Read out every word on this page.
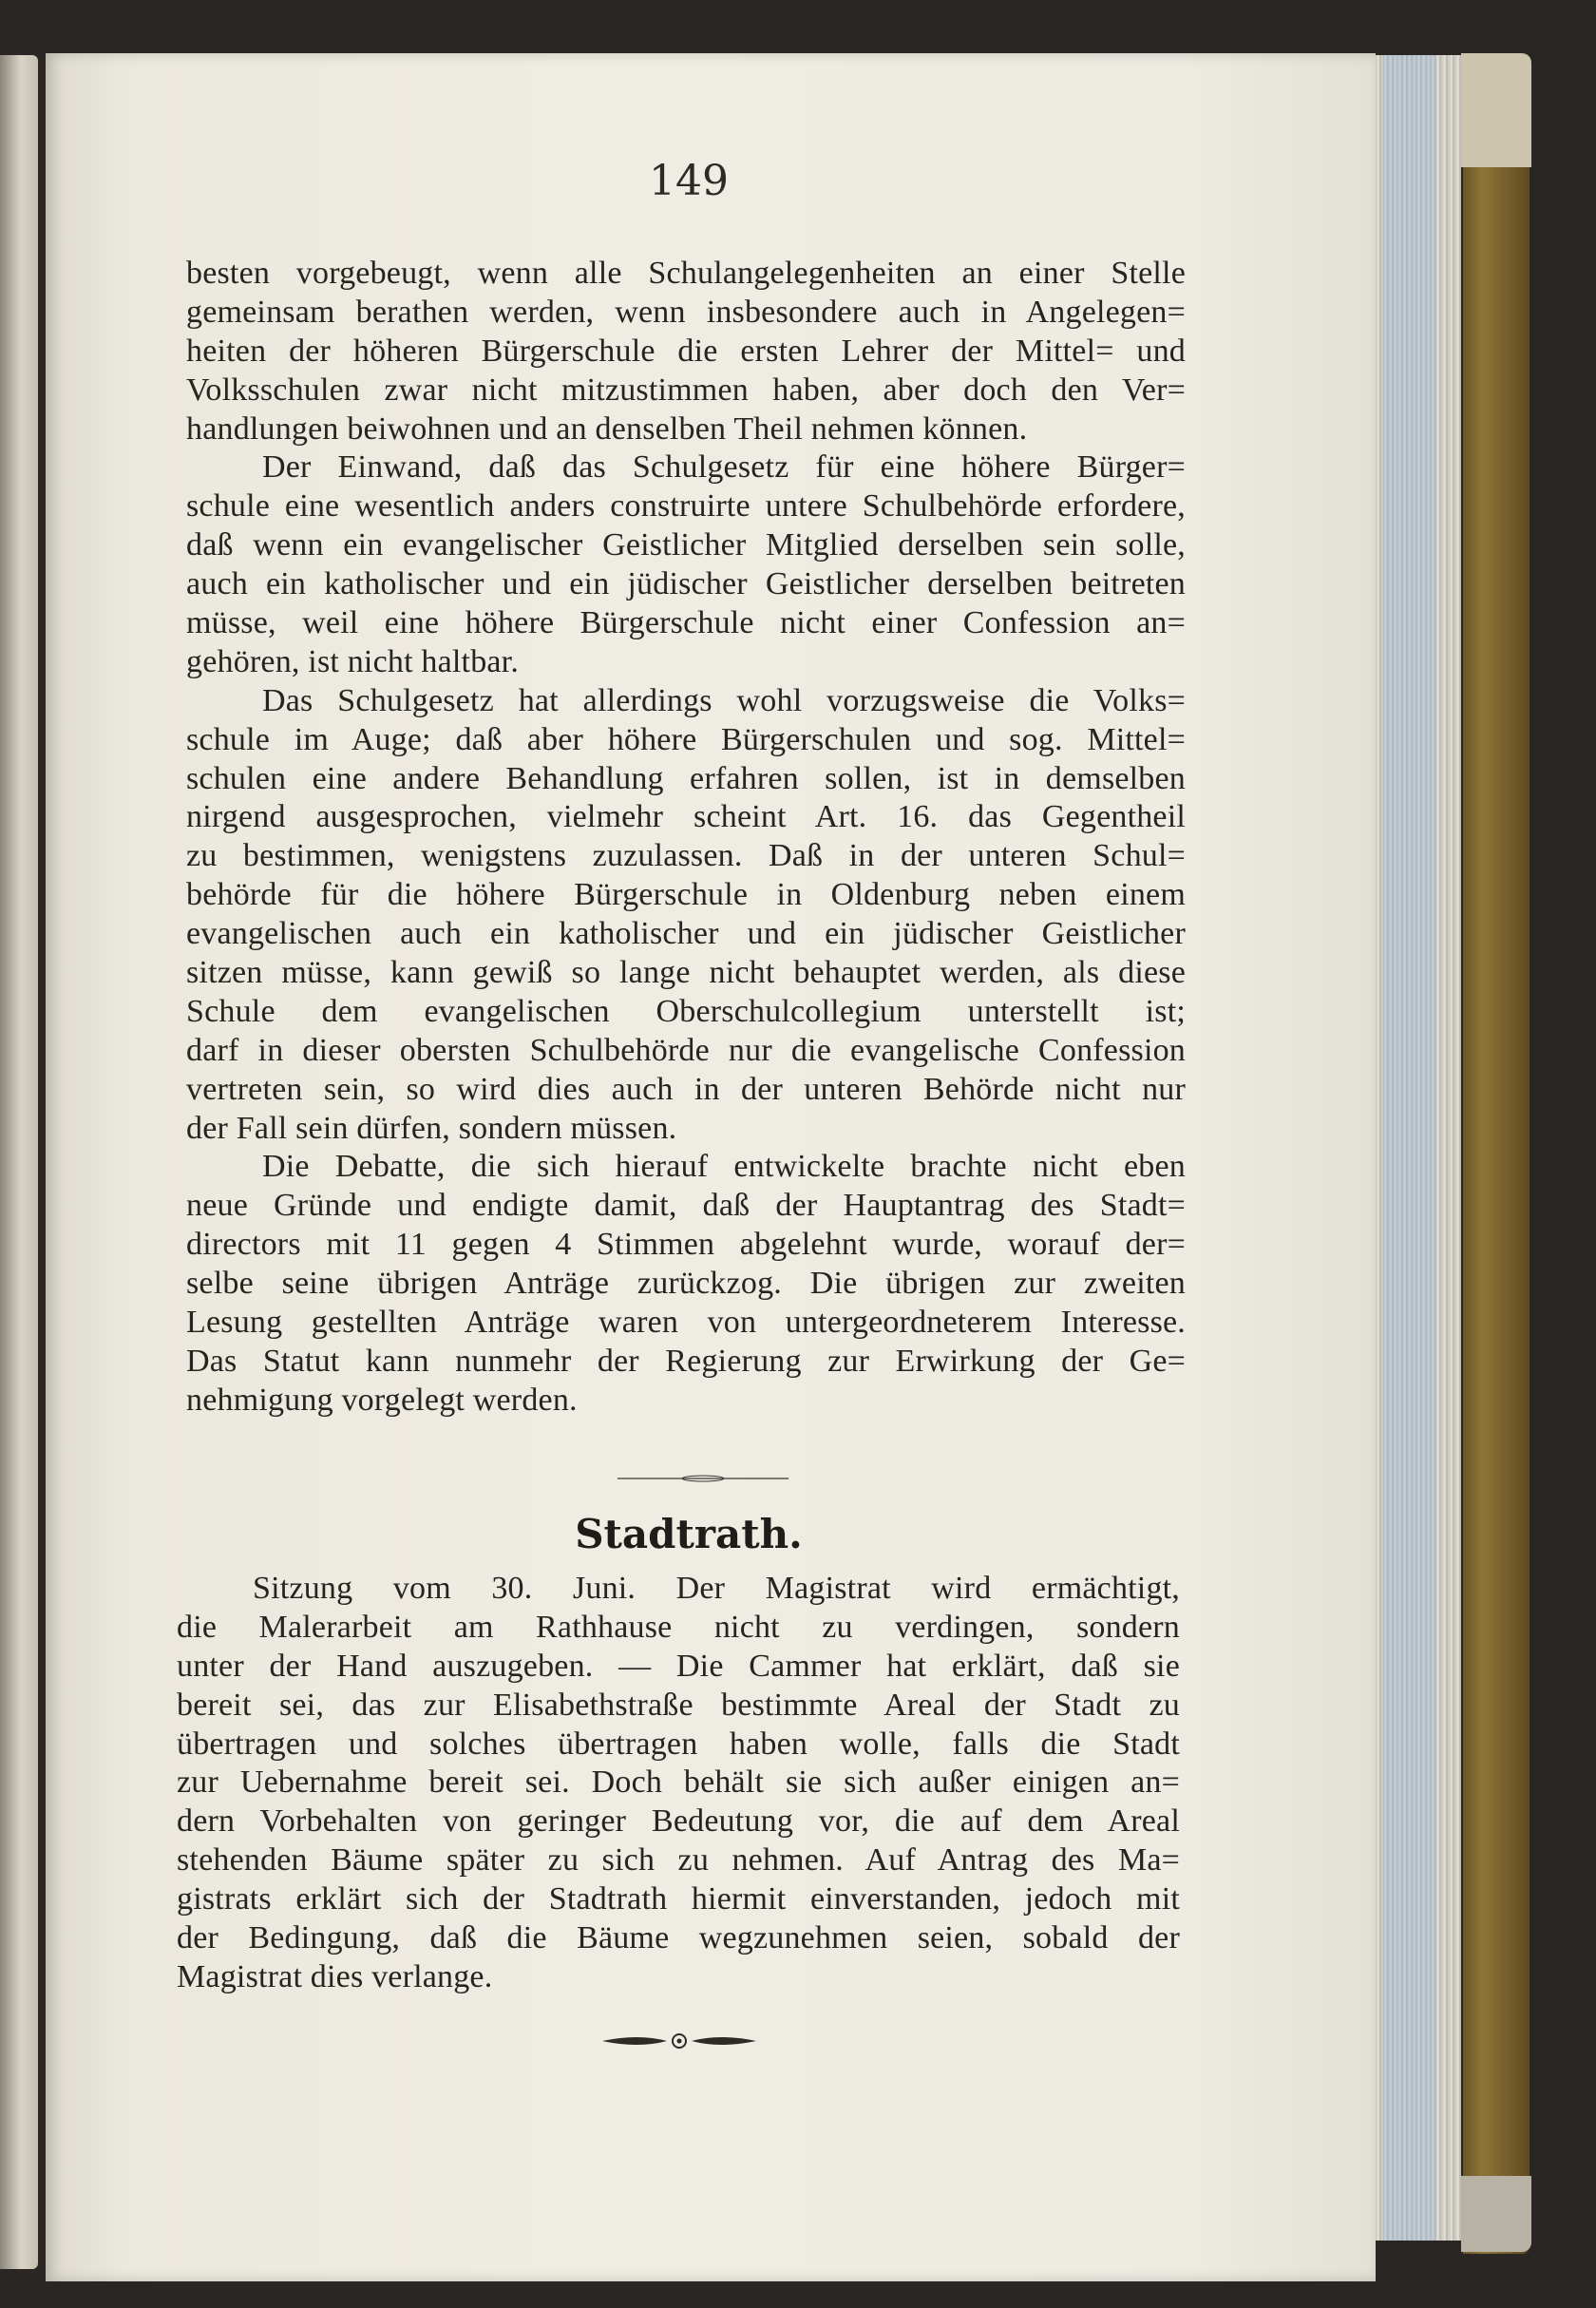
149
besten vorgebeugt, wenn alle Schulangelegenheiten an einer Stelle
gemeinsam berathen werden, wenn insbesondere auch in Angelegen=
heiten der höheren Bürgerschule die ersten Lehrer der Mittel= und
Volksschulen zwar nicht mitzustimmen haben, aber doch den Ver=
handlungen beiwohnen und an denselben Theil nehmen können.
Der Einwand, daß das Schulgesetz für eine höhere Bürger=
schule eine wesentlich anders construirte untere Schulbehörde erfordere,
daß wenn ein evangelischer Geistlicher Mitglied derselben sein solle,
auch ein katholischer und ein jüdischer Geistlicher derselben beitreten
müsse, weil eine höhere Bürgerschule nicht einer Confession an=
gehören, ist nicht haltbar.
Das Schulgesetz hat allerdings wohl vorzugsweise die Volks=
schule im Auge; daß aber höhere Bürgerschulen und sog. Mittel=
schulen eine andere Behandlung erfahren sollen, ist in demselben
nirgend ausgesprochen, vielmehr scheint Art. 16. das Gegentheil
zu bestimmen, wenigstens zuzulassen. Daß in der unteren Schul=
behörde für die höhere Bürgerschule in Oldenburg neben einem
evangelischen auch ein katholischer und ein jüdischer Geistlicher
sitzen müsse, kann gewiß so lange nicht behauptet werden, als diese
Schule dem evangelischen Oberschulcollegium unterstellt ist;
darf in dieser obersten Schulbehörde nur die evangelische Confession
vertreten sein, so wird dies auch in der unteren Behörde nicht nur
der Fall sein dürfen, sondern müssen.
Die Debatte, die sich hierauf entwickelte brachte nicht eben
neue Gründe und endigte damit, daß der Hauptantrag des Stadt=
directors mit 11 gegen 4 Stimmen abgelehnt wurde, worauf der=
selbe seine übrigen Anträge zurückzog. Die übrigen zur zweiten
Lesung gestellten Anträge waren von untergeordneterem Interesse.
Das Statut kann nunmehr der Regierung zur Erwirkung der Ge=
nehmigung vorgelegt werden.
Stadtrath.
Sitzung vom 30. Juni. Der Magistrat wird ermächtigt,
die Malerarbeit am Rathhause nicht zu verdingen, sondern
unter der Hand auszugeben. — Die Cammer hat erklärt, daß sie
bereit sei, das zur Elisabethstraße bestimmte Areal der Stadt zu
übertragen und solches übertragen haben wolle, falls die Stadt
zur Uebernahme bereit sei. Doch behält sie sich außer einigen an=
dern Vorbehalten von geringer Bedeutung vor, die auf dem Areal
stehenden Bäume später zu sich zu nehmen. Auf Antrag des Ma=
gistrats erklärt sich der Stadtrath hiermit einverstanden, jedoch mit
der Bedingung, daß die Bäume wegzunehmen seien, sobald der
Magistrat dies verlange.
